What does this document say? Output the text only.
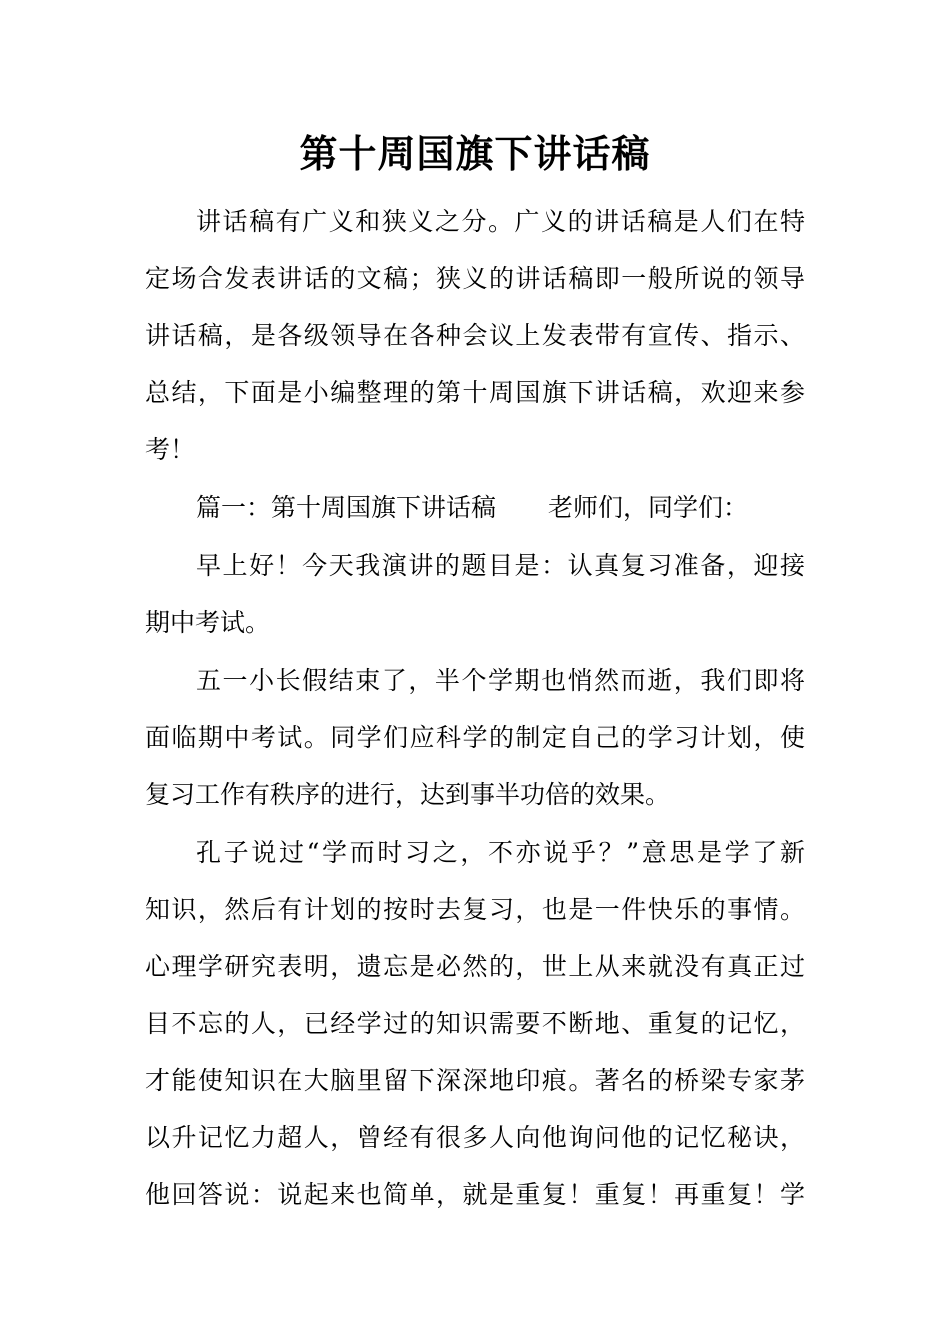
第十周国旗下讲话稿

讲话稿有广义和狭义之分。广义的讲话稿是人们在特

定场合发表讲话的文稿；狭义的讲话稿即一般所说的领导

讲话稿，是各级领导在各种会议上发表带有宣传、指示、

总结，下面是小编整理的第十周国旗下讲话稿，欢迎来参

考！

篇一：第十周国旗下讲话稿 老师们，同学们：

早上好！今天我演讲的题目是：认真复习准备，迎接

期中考试。

五一小长假结束了，半个学期也悄然而逝，我们即将

面临期中考试。同学们应科学的制定自己的学习计划，使

复习工作有秩序的进行，达到事半功倍的效果。

孔子说过“学而时习之，不亦说乎？”意思是学了新

知识，然后有计划的按时去复习，也是一件快乐的事情。

心理学研究表明，遗忘是必然的，世上从来就没有真正过

目不忘的人，已经学过的知识需要不断地、重复的记忆，

才能使知识在大脑里留下深深地印痕。著名的桥梁专家茅

以升记忆力超人，曾经有很多人向他询问他的记忆秘诀，

他回答说：说起来也简单，就是重复！重复！再重复！学
